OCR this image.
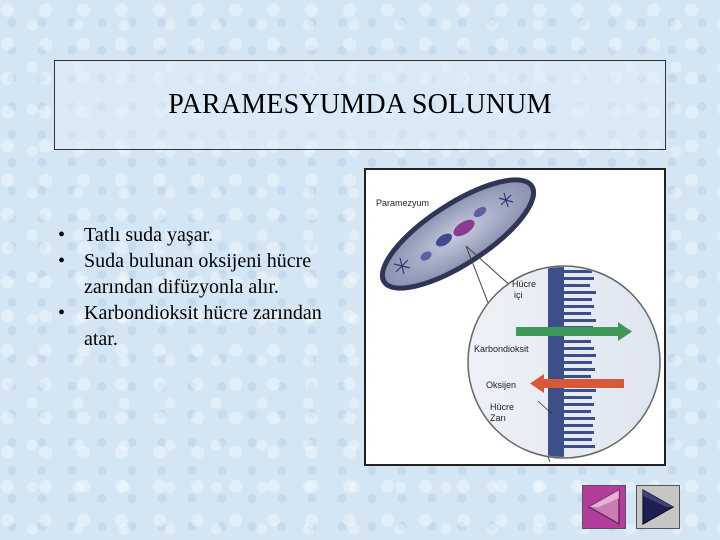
PARAMESYUMDA SOLUNUM
• Tatlı suda yaşar.
• Suda bulunan oksijeni hücre zarından difüzyonla alır.
• Karbondioksit hücre zarından atar.
Paramezyum
Hücre
içi
Karbondioksit
Oksijen
Hücre
Zarı
